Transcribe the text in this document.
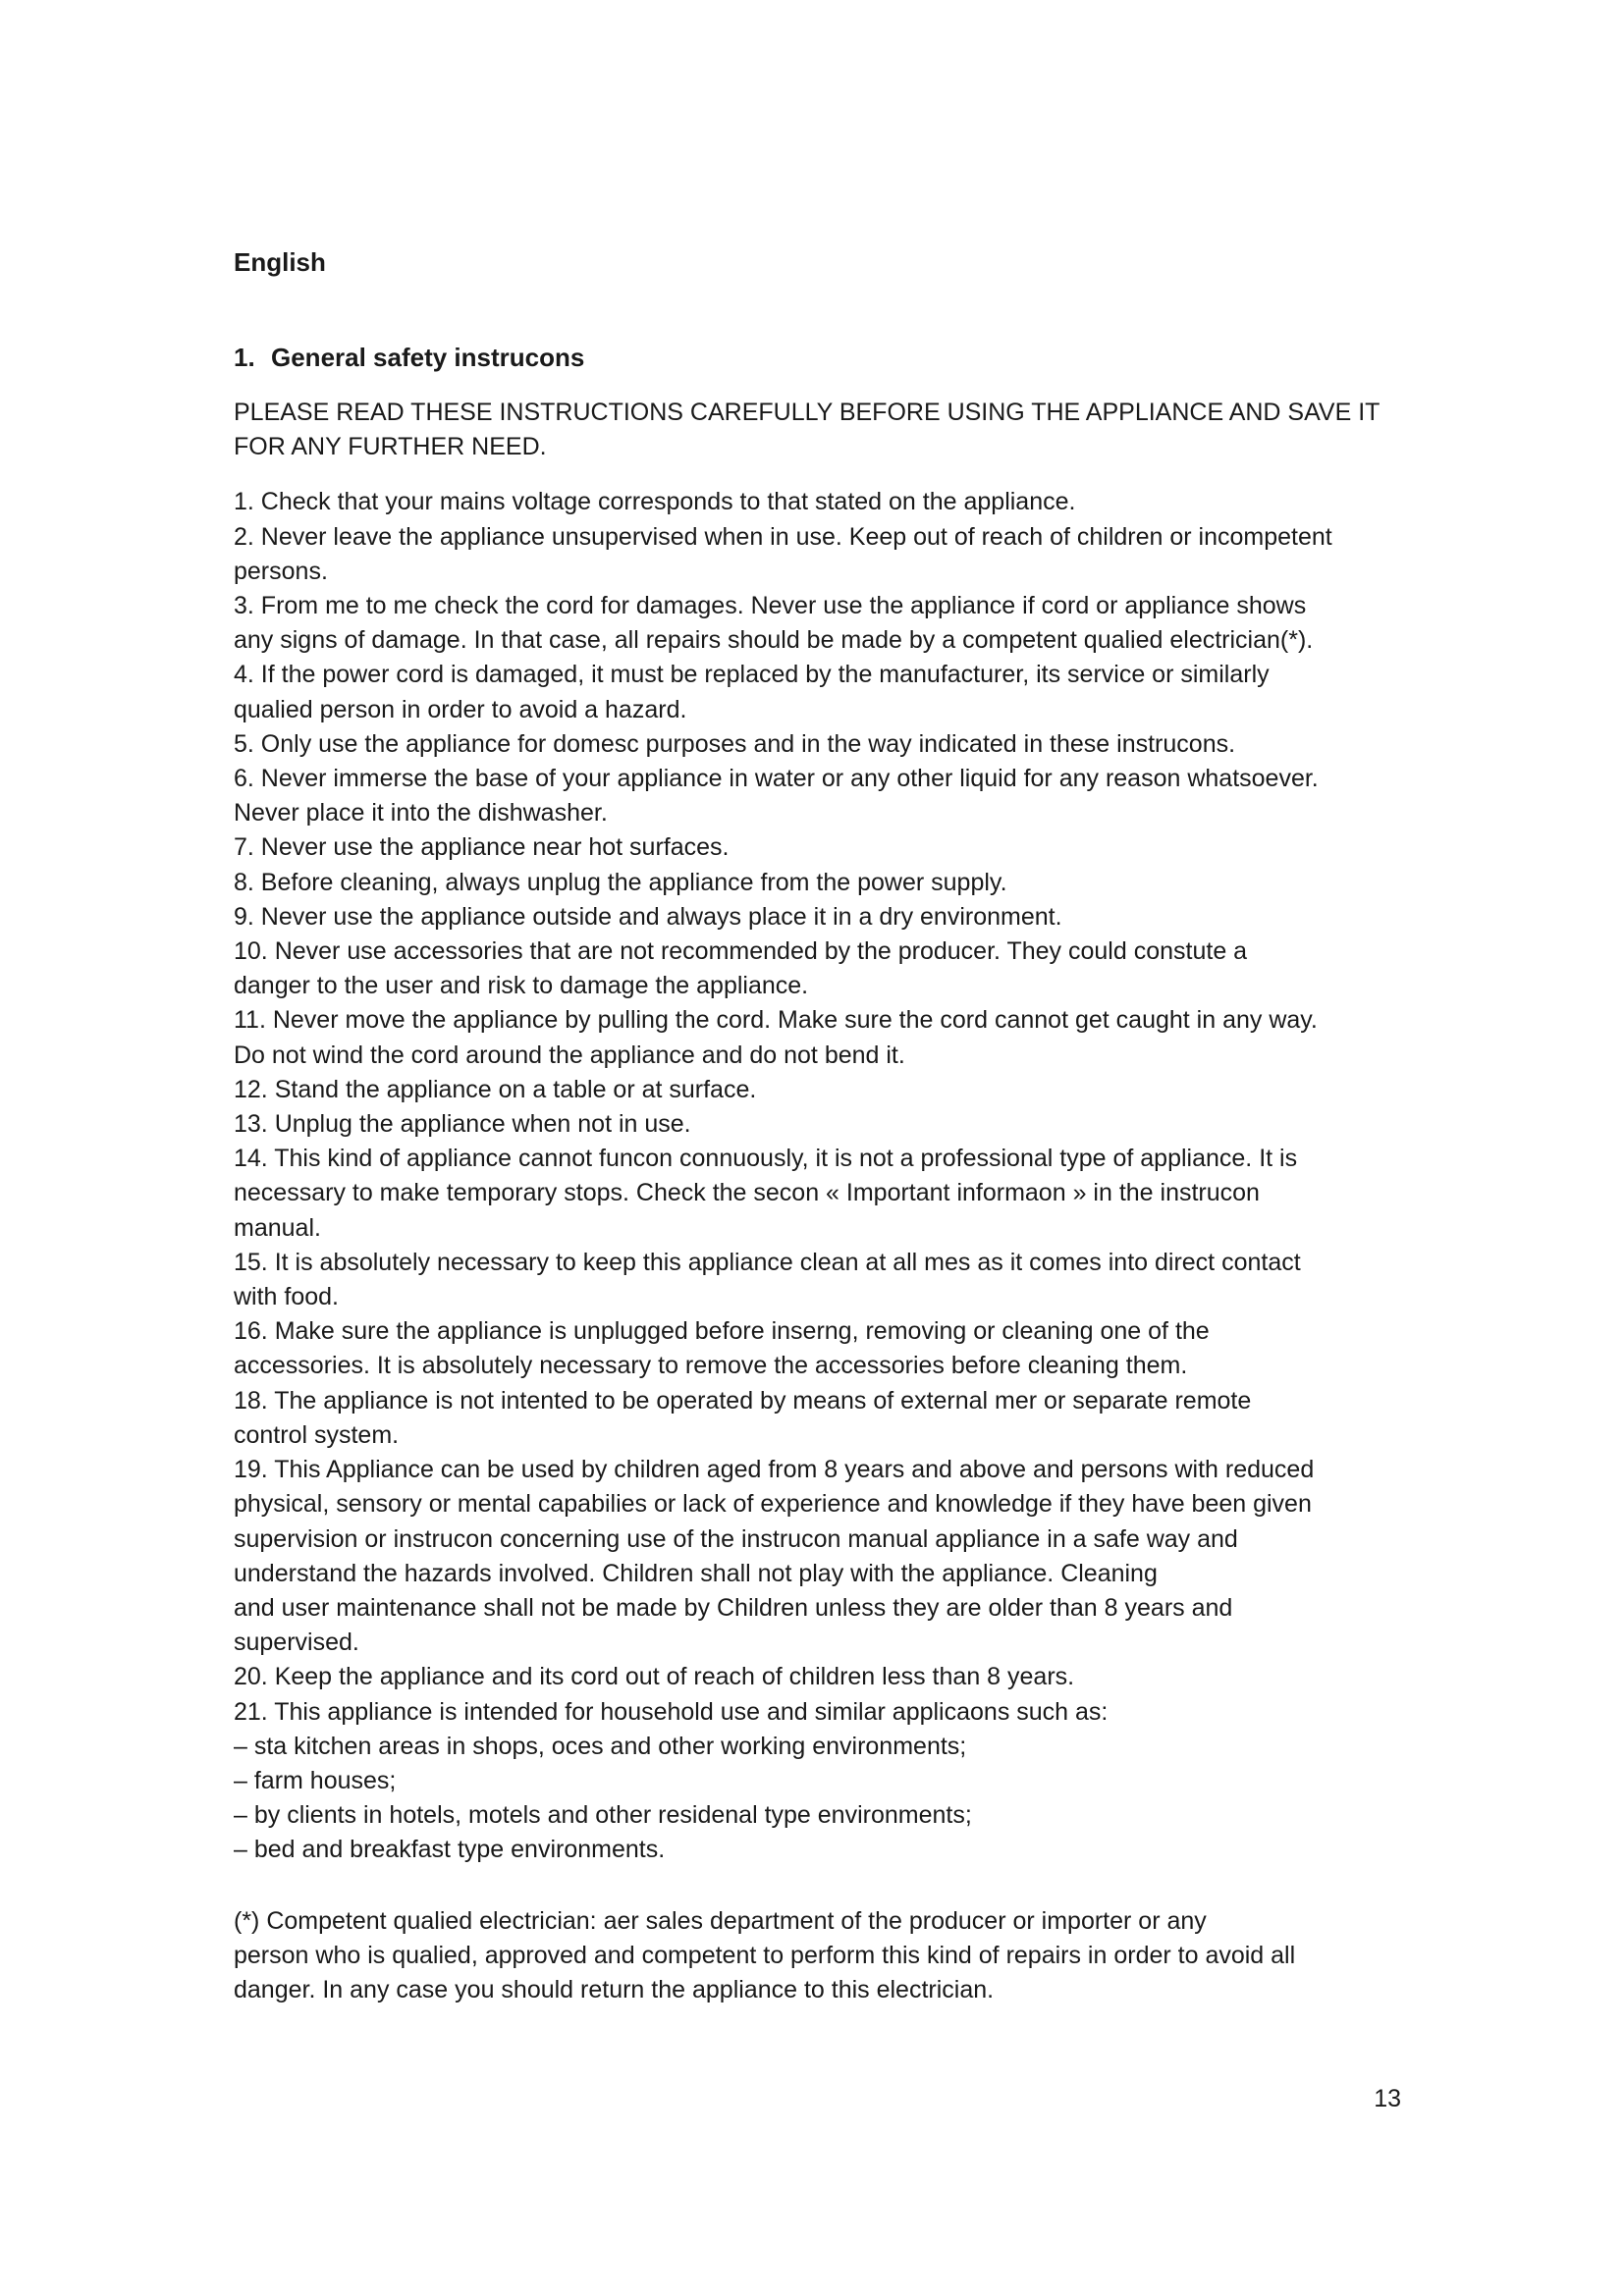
English

1. General safety instrucons

PLEASE READ THESE INSTRUCTIONS CAREFULLY BEFORE USING THE APPLIANCE AND SAVE IT FOR ANY FURTHER NEED.

1. Check that your mains voltage corresponds to that stated on the appliance.
2. Never leave the appliance unsupervised when in use. Keep out of reach of children or incompetent
persons.
3. From me to me check the cord for damages. Never use the appliance if cord or appliance shows
any signs of damage. In that case, all repairs should be made by a competent qualied electrician(*).
4. If the power cord is damaged, it must be replaced by the manufacturer, its service or similarly
qualied person in order to avoid a hazard.
5. Only use the appliance for domesc purposes and in the way indicated in these instrucons.
6. Never immerse the base of your appliance in water or any other liquid for any reason whatsoever.
Never place it into the dishwasher.
7. Never use the appliance near hot surfaces.
8. Before cleaning, always unplug the appliance from the power supply.
9. Never use the appliance outside and always place it in a dry environment.
10. Never use accessories that are not recommended by the producer. They could constute a
danger to the user and risk to damage the appliance.
11. Never move the appliance by pulling the cord. Make sure the cord cannot get caught in any way.
Do not wind the cord around the appliance and do not bend it.
12. Stand the appliance on a table or at surface.
13. Unplug the appliance when not in use.
14. This kind of appliance cannot funcon connuously, it is not a professional type of appliance. It is
necessary to make temporary stops. Check the secon « Important informaon » in the instrucon
manual.
15. It is absolutely necessary to keep this appliance clean at all mes as it comes into direct contact
with food.
16. Make sure the appliance is unplugged before inserng, removing or cleaning one of the
accessories. It is absolutely necessary to remove the accessories before cleaning them.
18. The appliance is not intented to be operated by means of external mer or separate remote
control system.
19. This Appliance can be used by children aged from 8 years and above and persons with reduced
physical, sensory or mental capabilies or lack of experience and knowledge if they have been given
supervision or instrucon concerning use of the instrucon manual appliance in a safe way and
understand the hazards involved. Children shall not play with the appliance. Cleaning
and user maintenance shall not be made by Children unless they are older than 8 years and
supervised.
20. Keep the appliance and its cord out of reach of children less than 8 years.
21. This appliance is intended for household use and similar applicaons such as:
– sta kitchen areas in shops, oces and other working environments;
– farm houses;
– by clients in hotels, motels and other residenal type environments;
– bed and breakfast type environments.
(*) Competent qualied electrician: aer sales department of the producer or importer or any
person who is qualied, approved and competent to perform this kind of repairs in order to avoid all
danger. In any case you should return the appliance to this electrician.
13
